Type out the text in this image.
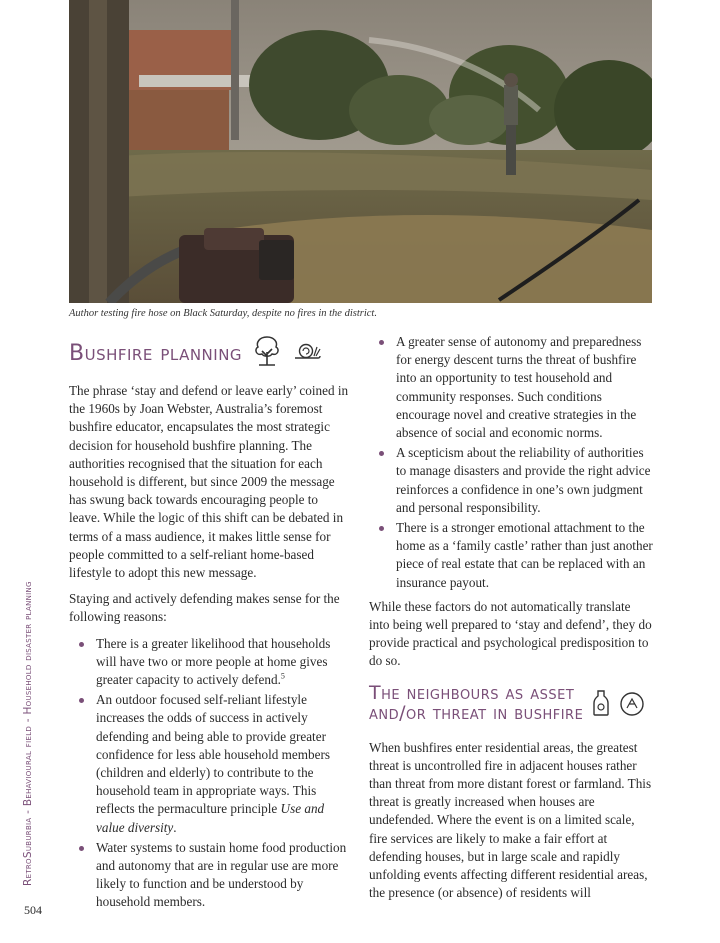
Author testing fire hose on Black Saturday, despite no fires in the district.
Bushfire planning

The phrase ‘stay and defend or leave early’ coined in the 1960s by Joan Webster, Australia’s foremost bushfire educator, encapsulates the most strategic decision for household bushfire planning. The authorities recognised that the situation for each household is different, but since 2009 the message has swung back towards encouraging people to leave. While the logic of this shift can be debated in terms of a mass audience, it makes little sense for people committed to a self-reliant home-based lifestyle to adopt this new message.

Staying and actively defending makes sense for the following reasons:

There is a greater likelihood that households will have two or more people at home gives greater capacity to actively defend.$^5$
An outdoor focused self-reliant lifestyle increases the odds of success in actively defending and being able to provide greater confidence for less able household members (children and elderly) to contribute to the household team in appropriate ways. This reflects the permaculture principle Use and value diversity.
Water systems to sustain home food production and autonomy that are in regular use are more likely to function and be understood by household members.
A greater sense of autonomy and preparedness for energy descent turns the threat of bushfire into an opportunity to test household and community responses. Such conditions encourage novel and creative strategies in the absence of social and economic norms.
A scepticism about the reliability of authorities to manage disasters and provide the right advice reinforces a confidence in one’s own judgment and personal responsibility.
There is a stronger emotional attachment to the home as a ‘family castle’ rather than just another piece of real estate that can be replaced with an insurance payout.

While these factors do not automatically translate into being well prepared to ‘stay and defend’, they do provide practical and psychological predisposition to do so.

The neighbours as asset
and/or threat in bushfire

When bushfires enter residential areas, the greatest threat is uncontrolled fire in adjacent houses rather than threat from more distant forest or farmland. This threat is greatly increased when houses are undefended. Where the event is on a limited scale, fire services are likely to make a fair effort at defending houses, but in large scale and rapidly unfolding events affecting different residential areas, the presence (or absence) of residents will

RetroSuburbia - Behavioural field - Household disaster planning
504
